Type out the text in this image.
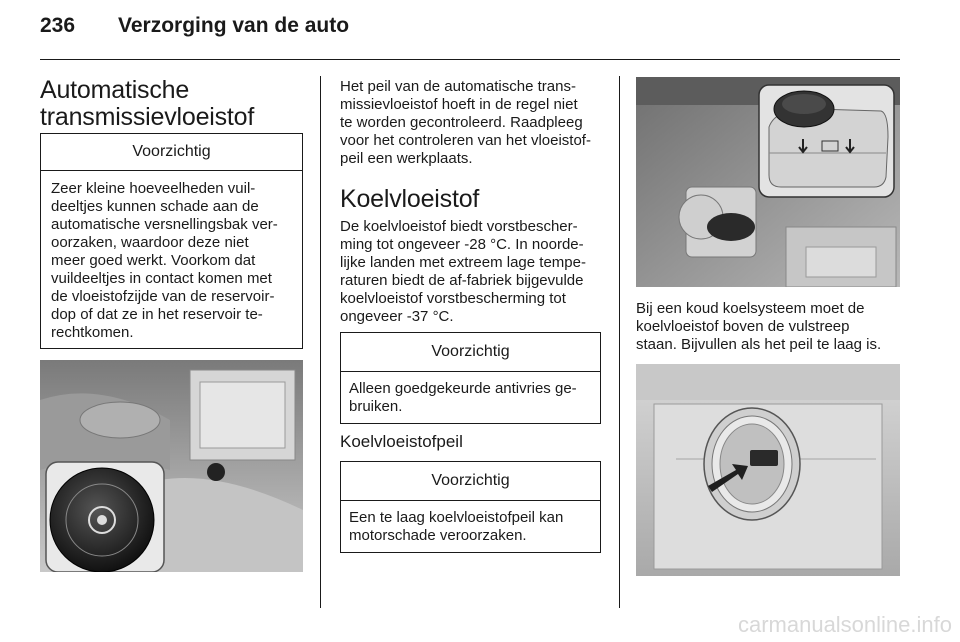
236 Verzorging van de auto
Automatische
transmissievloeistof
Voorzichtig
Zeer kleine hoeveelheden vuil-
deeltjes kunnen schade aan de
automatische versnellingsbak ver-
oorzaken, waardoor deze niet
meer goed werkt. Voorkom dat
vuildeeltjes in contact komen met
de vloeistofzijde van de reservoir-
dop of dat ze in het reservoir te-
rechtkomen.
Het peil van de automatische trans-
missievloeistof hoeft in de regel niet
te worden gecontroleerd. Raadpleeg
voor het controleren van het vloeistof-
peil een werkplaats.
Koelvloeistof
De koelvloeistof biedt vorstbescher-
ming tot ongeveer -28 °C. In noorde-
lijke landen met extreem lage tempe-
raturen biedt de af-fabriek bijgevulde
koelvloeistof vorstbescherming tot
ongeveer -37 °C.
Voorzichtig
Alleen goedgekeurde antivries ge-
bruiken.
Koelvloeistofpeil
Voorzichtig
Een te laag koelvloeistofpeil kan
motorschade veroorzaken.
Bij een koud koelsysteem moet de
koelvloeistof boven de vulstreep
staan. Bijvullen als het peil te laag is.
carmanualsonline.info
